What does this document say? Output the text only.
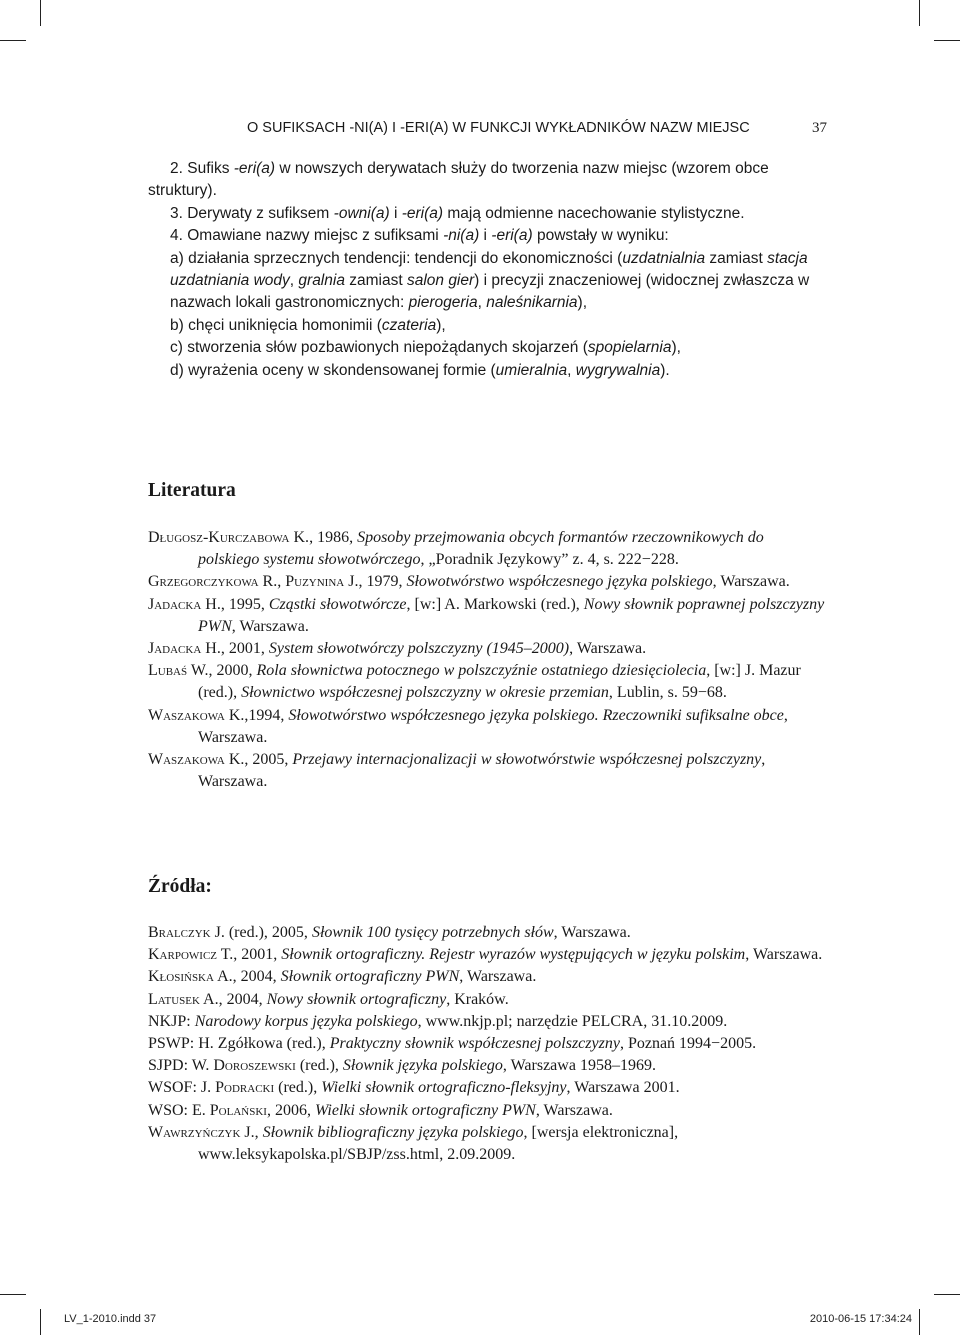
O SUFIKSACH -NI(A) I -ERI(A) W FUNKCJI WYKŁADNIKÓW NAZW MIEJSC	37

2. Sufiks -eri(a) w nowszych derywatach służy do tworzenia nazw miejsc (wzorem obce struktury).

3. Derywaty z sufiksem -owni(a) i -eri(a) mają odmienne nacechowanie stylistyczne.

4. Omawiane nazwy miejsc z sufiksami -ni(a) i -eri(a) powstały w wyniku:

a) działania sprzecznych tendencji: tendencji do ekonomiczności (uzdatnialnia zamiast stacja uzdatniania wody, gralnia zamiast salon gier) i precyzji znaczeniowej (widocznej zwłaszcza w nazwach lokali gastronomicznych: pierogeria, naleśnikarnia),

b) chęci uniknięcia homonimii (czateria),

c) stworzenia słów pozbawionych niepożądanych skojarzeń (spopielarnia),

d) wyrażenia oceny w skondensowanej formie (umieralnia, wygrywalnia).

Literatura

Długosz-Kurczabowa K., 1986, Sposoby przejmowania obcych formantów rzeczownikowych do polskiego systemu słowotwórczego, „Poradnik Językowy” z. 4, s. 222−228.

Grzegorczykowa R., Puzynina J., 1979, Słowotwórstwo współczesnego języka polskiego, Warszawa.

Jadacka H., 1995, Cząstki słowotwórcze, [w:] A. Markowski (red.), Nowy słownik poprawnej polszczyzny PWN, Warszawa.

Jadacka H., 2001, System słowotwórczy polszczyzny (1945–2000), Warszawa.

Lubaś W., 2000, Rola słownictwa potocznego w polszczyźnie ostatniego dziesięciolecia, [w:] J. Mazur (red.), Słownictwo współczesnej polszczyzny w okresie przemian, Lublin, s. 59−68.

Waszakowa K.,1994, Słowotwórstwo współczesnego języka polskiego. Rzeczowniki sufiksalne obce, Warszawa.

Waszakowa K., 2005, Przejawy internacjonalizacji w słowotwórstwie współczesnej polszczyzny, Warszawa.

Źródła:

Bralczyk J. (red.), 2005, Słownik 100 tysięcy potrzebnych słów, Warszawa.

Karpowicz T., 2001, Słownik ortograficzny. Rejestr wyrazów występujących w języku polskim, Warszawa.

Kłosińska A., 2004, Słownik ortograficzny PWN, Warszawa.

Latusek A., 2004, Nowy słownik ortograficzny, Kraków.

NKJP: Narodowy korpus języka polskiego, www.nkjp.pl; narzędzie PELCRA, 31.10.2009.

PSWP: H. Zgółkowa (red.), Praktyczny słownik współczesnej polszczyzny, Poznań 1994−2005.

SJPD: W. Doroszewski (red.), Słownik języka polskiego, Warszawa 1958–1969.

WSOF: J. Podracki (red.), Wielki słownik ortograficzno-fleksyjny, Warszawa 2001.

WSO: E. Polański, 2006, Wielki słownik ortograficzny PWN, Warszawa.

Wawrzyńczyk J., Słownik bibliograficzny języka polskiego, [wersja elektroniczna], www.leksykapolska.pl/SBJP/zss.html, 2.09.2009.

LV_1-2010.indd 37	2010-06-15 17:34:24
